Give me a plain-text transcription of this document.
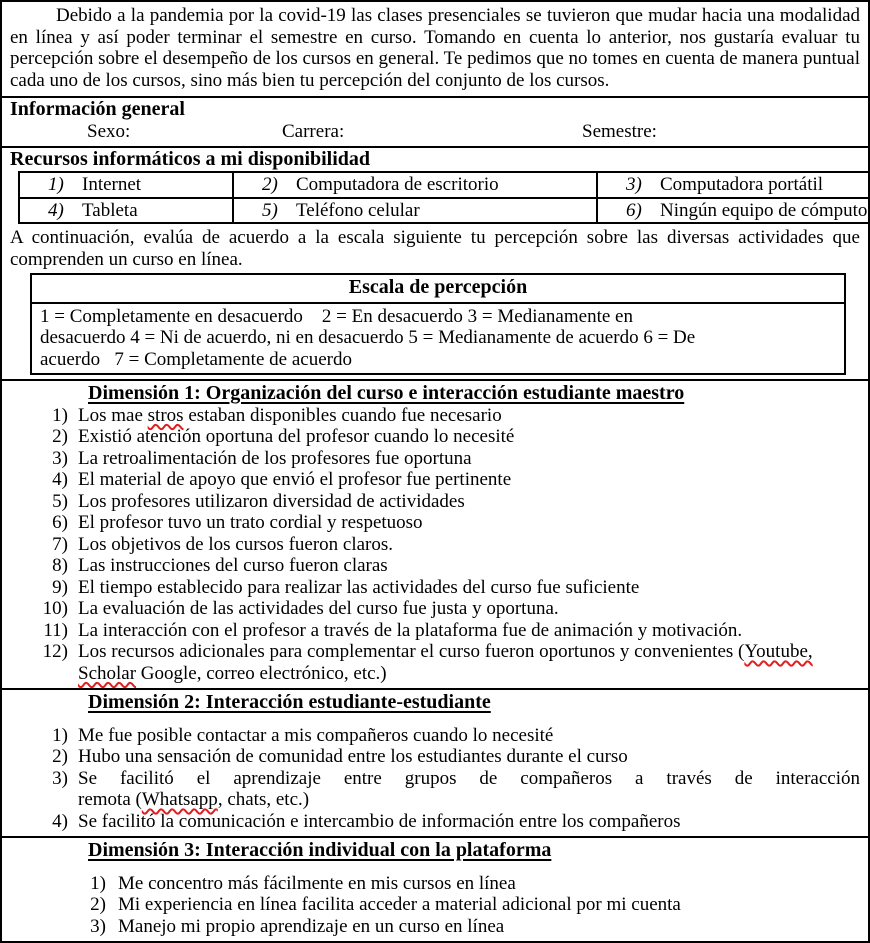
Debido a la pandemia por la covid-19 las clases presenciales se tuvieron que mudar hacia una modalidad en línea y así poder terminar el semestre en curso. Tomando en cuenta lo anterior, nos gustaría evaluar tu percepción sobre el desempeño de los cursos en general. Te pedimos que no tomes en cuenta de manera puntual cada uno de los cursos, sino más bien tu percepción del conjunto de los cursos.
Información general
Sexo:	Carrera:	Semestre:
Recursos informáticos a mi disponibilidad
1) Internet	2) Computadora de escritorio	3) Computadora portátil
4) Tableta	5) Teléfono celular	6) Ningún equipo de cómputo
A continuación, evalúa de acuerdo a la escala siguiente tu percepción sobre las diversas actividades que comprenden un curso en línea.
Escala de percepción
1 = Completamente en desacuerdo    2 = En desacuerdo 3 = Medianamente en
desacuerdo 4 = Ni de acuerdo, ni en desacuerdo 5 = Medianamente de acuerdo 6 = De
acuerdo   7 = Completamente de acuerdo
Dimensión 1: Organización del curso e interacción estudiante maestro
1) Los mae stros estaban disponibles cuando fue necesario
2) Existió atención oportuna del profesor cuando lo necesité
3) La retroalimentación de los profesores fue oportuna
4) El material de apoyo que envió el profesor fue pertinente
5) Los profesores utilizaron diversidad de actividades
6) El profesor tuvo un trato cordial y respetuoso
7) Los objetivos de los cursos fueron claros.
8) Las instrucciones del curso fueron claras
9) El tiempo establecido para realizar las actividades del curso fue suficiente
10) La evaluación de las actividades del curso fue justa y oportuna.
11) La interacción con el profesor a través de la plataforma fue de animación y motivación.
12) Los recursos adicionales para complementar el curso fueron oportunos y convenientes (Youtube, Scholar Google, correo electrónico, etc.)
Dimensión 2: Interacción estudiante-estudiante
1) Me fue posible contactar a mis compañeros cuando lo necesité
2) Hubo una sensación de comunidad entre los estudiantes durante el curso
3) Se facilitó el aprendizaje entre grupos de compañeros a través de interacción
remota (Whatsapp, chats, etc.)
4) Se facilitó la comunicación e intercambio de información entre los compañeros
Dimensión 3: Interacción individual con la plataforma
1) Me concentro más fácilmente en mis cursos en línea
2) Mi experiencia en línea facilita acceder a material adicional por mi cuenta
3) Manejo mi propio aprendizaje en un curso en línea
